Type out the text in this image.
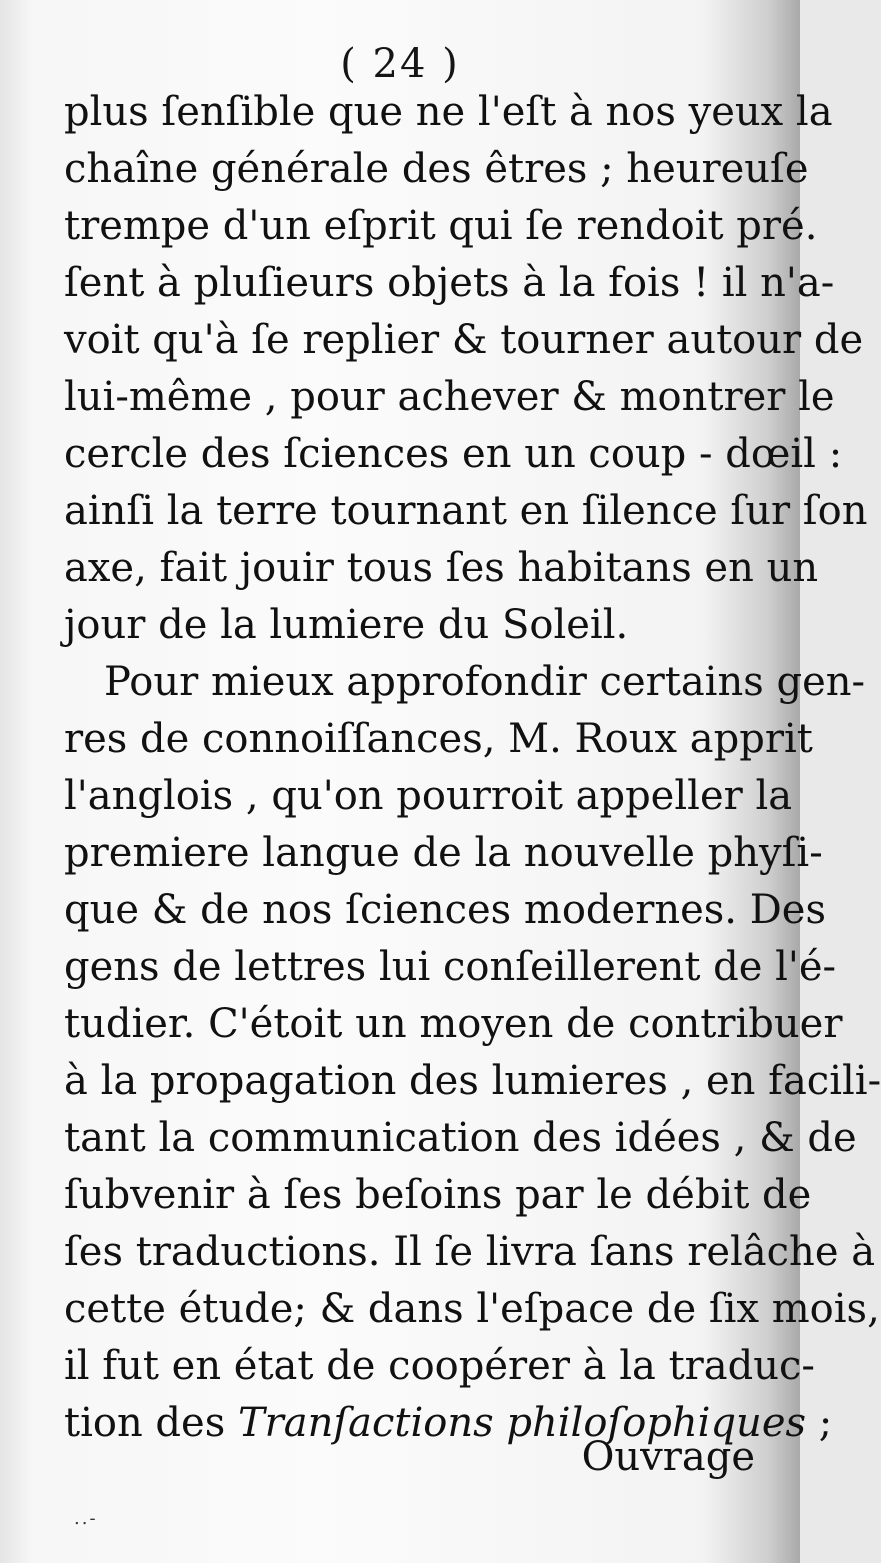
( 24 )
plus ſenſible que ne l'eſt à nos yeux la
chaîne générale des êtres ; heureuſe
trempe d'un eſprit qui ſe rendoit pré.
ſent à pluſieurs objets à la fois ! il n'a-
voit qu'à ſe replier & tourner autour de
lui-même , pour achever & montrer le
cercle des ſciences en un coup - dœil :
ainſi la terre tournant en ſilence ſur ſon
axe, fait jouir tous ſes habitans en un
jour de la lumiere du Soleil.
Pour mieux approfondir certains gen-
res de connoiſſances, M. Roux apprit
l'anglois , qu'on pourroit appeller la
premiere langue de la nouvelle phyſi-
que & de nos ſciences modernes. Des
gens de lettres lui conſeillerent de l'é-
tudier. C'étoit un moyen de contribuer
à la propagation des lumieres , en facili-
tant la communication des idées , & de
ſubvenir à ſes beſoins par le débit de
ſes traductions. Il ſe livra ſans relâche à
cette étude; & dans l'eſpace de ſix mois,
il fut en état de coopérer à la traduc-
tion des Tranſactions philoſophiques ;
Ouvrage
..-
